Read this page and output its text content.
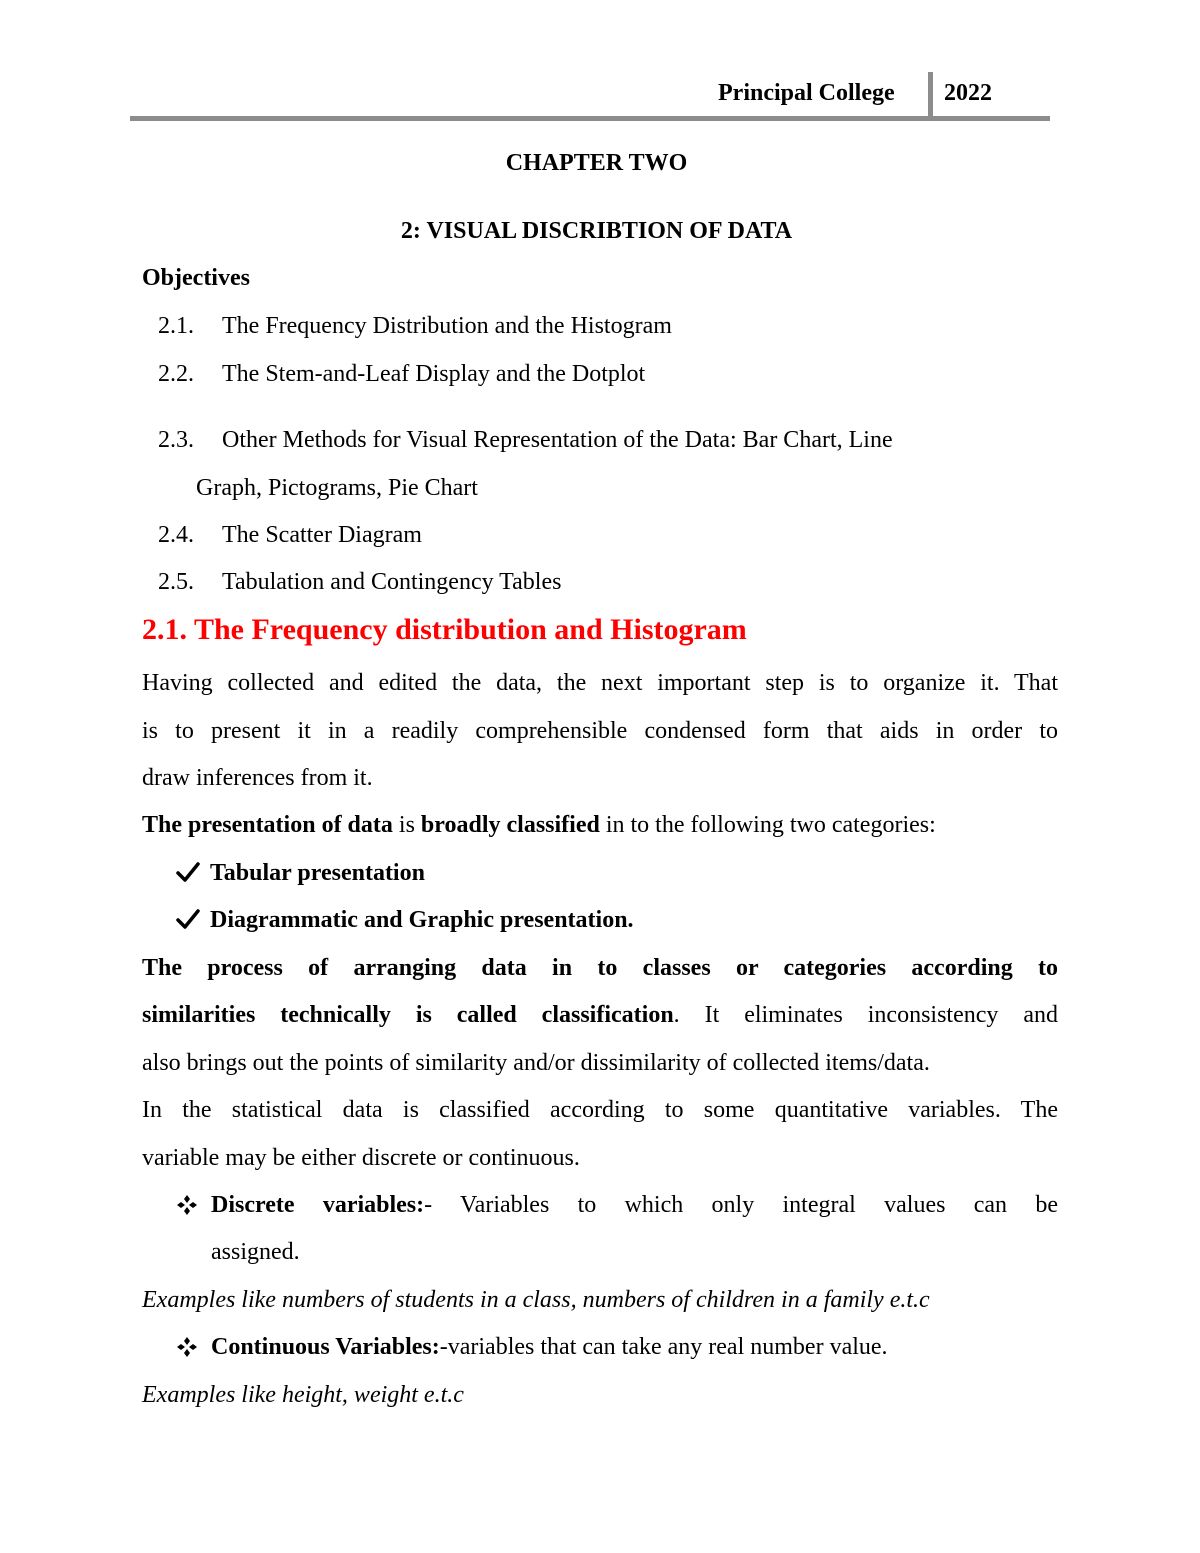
Principal College 2022
CHAPTER TWO
2: VISUAL DISCRIBTION OF DATA
Objectives
2.1. The Frequency Distribution and the Histogram
2.2. The Stem-and-Leaf Display and the Dotplot
2.3. Other Methods for Visual Representation of the Data: Bar Chart, Line
Graph, Pictograms, Pie Chart
2.4. The Scatter Diagram
2.5. Tabulation and Contingency Tables
2.1. The Frequency distribution and Histogram
Having collected and edited the data, the next important step is to organize it. That
is to present it in a readily comprehensible condensed form that aids in order to
draw inferences from it.
The presentation of data is broadly classified in to the following two categories:
Tabular presentation
Diagrammatic and Graphic presentation.
The process of arranging data in to classes or categories according to
similarities technically is called classification. It eliminates inconsistency and
also brings out the points of similarity and/or dissimilarity of collected items/data.
In the statistical data is classified according to some quantitative variables. The
variable may be either discrete or continuous.
Discrete variables:- Variables to which only integral values can be
assigned.
Examples like numbers of students in a class, numbers of children in a family e.t.c
Continuous Variables:-variables that can take any real number value.
Examples like height, weight e.t.c
